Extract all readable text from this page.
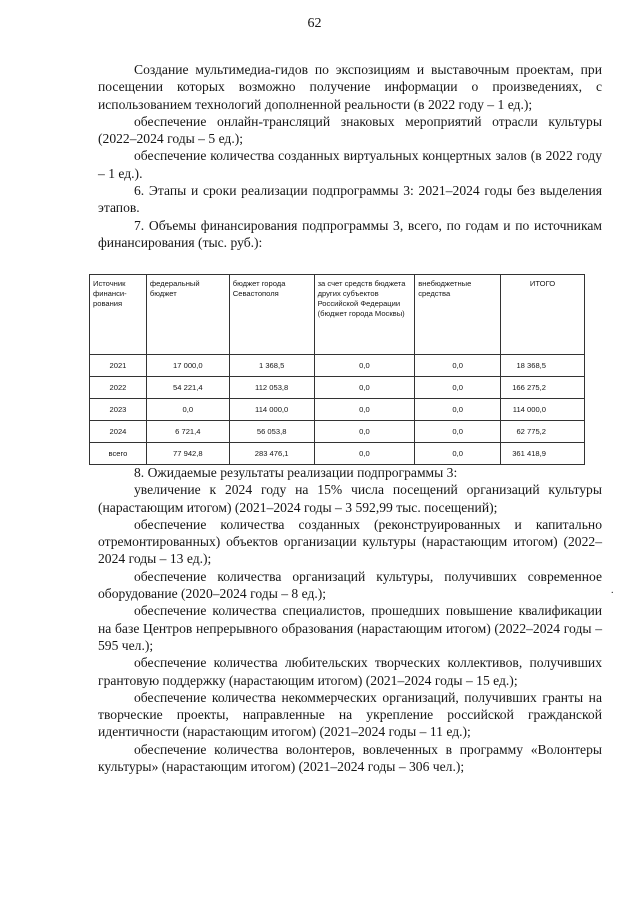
62

Создание мультимедиа-гидов по экспозициям и выставочным проектам, при посещении которых возможно получение информации о произведениях, с использованием технологий дополненной реальности (в 2022 году – 1 ед.);

обеспечение онлайн-трансляций знаковых мероприятий отрасли культуры (2022–2024 годы – 5 ед.);

обеспечение количества созданных виртуальных концертных залов (в 2022 году – 1 ед.).

6. Этапы и сроки реализации подпрограммы 3: 2021–2024 годы без выделения этапов.

7. Объемы финансирования подпрограммы 3, всего, по годам и по источникам финансирования (тыс. руб.):

Источник финанси-рования	федеральный бюджет	бюджет города Севастополя	за счет средств бюджета других субъектов Российской Федерации (бюджет города Москвы)	внебюджетные средства	ИТОГО
2021	17 000,0	1 368,5	0,0	0,0	18 368,5
2022	54 221,4	112 053,8	0,0	0,0	166 275,2
2023	0,0	114 000,0	0,0	0,0	114 000,0
2024	6 721,4	56 053,8	0,0	0,0	62 775,2
всего	77 942,8	283 476,1	0,0	0,0	361 418,9

8. Ожидаемые результаты реализации подпрограммы 3:

увеличение к 2024 году на 15% числа посещений организаций культуры (нарастающим итогом) (2021–2024 годы – 3 592,99 тыс. посещений);

обеспечение количества созданных (реконструированных и капитально отремонтированных) объектов организации культуры (нарастающим итогом) (2022–2024 годы – 13 ед.);

обеспечение количества организаций культуры, получивших современное оборудование (2020–2024 годы – 8 ед.);

обеспечение количества специалистов, прошедших повышение квалификации на базе Центров непрерывного образования (нарастающим итогом) (2022–2024 годы – 595 чел.);

обеспечение количества любительских творческих коллективов, получивших грантовую поддержку (нарастающим итогом) (2021–2024 годы – 15 ед.);

обеспечение количества некоммерческих организаций, получивших гранты на творческие проекты, направленные на укрепление российской гражданской идентичности (нарастающим итогом) (2021–2024 годы – 11 ед.);

обеспечение количества волонтеров, вовлеченных в программу «Волонтеры культуры» (нарастающим итогом) (2021–2024 годы – 306 чел.);

.
